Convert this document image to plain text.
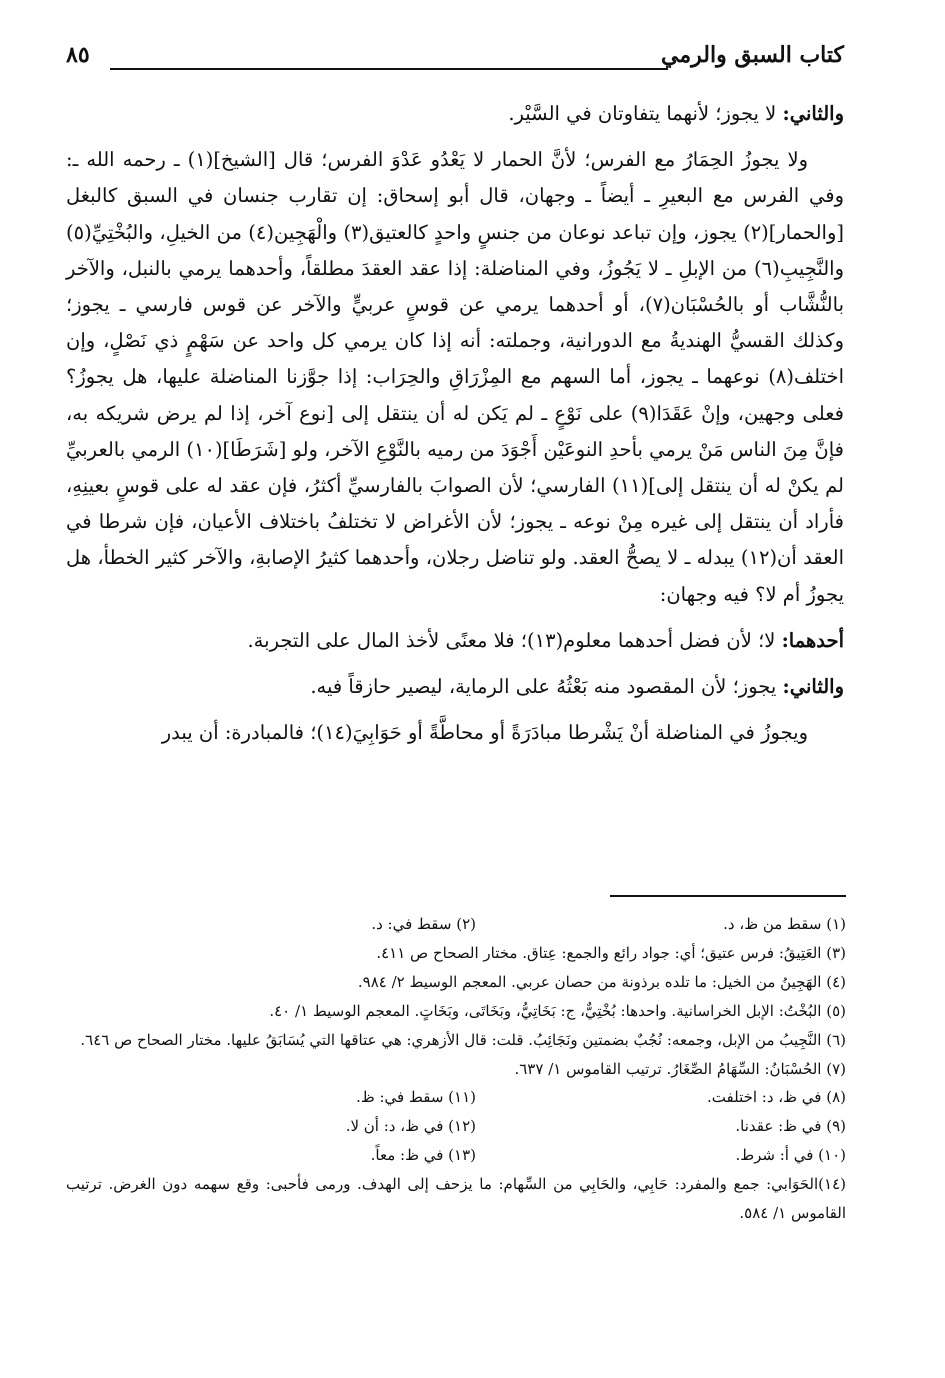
كتاب السبق والرمي
٨٥

والثاني: لا يجوز؛ لأنهما يتفاوتان في السَّيْر.

ولا يجوزُ الحِمَارُ مع الفرس؛ لأنَّ الحمار لا يَعْدُو عَدْوَ الفرس؛ قال [الشيخ](١) ـ رحمه الله ـ: وفي الفرس مع البعيرِ ـ أيضاً ـ وجهان، قال أبو إسحاق: إن تقارب جنسان في السبق كالبغل [والحمار](٢) يجوز، وإن تباعد نوعان من جنسٍ واحدٍ كالعتيق(٣) والْهَجِين(٤) من الخيلِ، والبُخْتِيِّ(٥) والنَّجِيبِ(٦) من الإبلِ ـ لا يَجُوزُ، وفي المناضلة: إذا عقد العقدَ مطلقاً، وأحدهما يرمي بالنبل، والآخر بالنُّشَّاب أو بالحُسْبَان(٧)، أو أحدهما يرمي عن قوسٍ عربيٍّ والآخر عن قوس فارسي ـ يجوز؛ وكذلك القسيُّ الهنديةُ مع الدورانية، وجملته: أنه إذا كان يرمي كل واحد عن سَهْمٍ ذي نَصْلٍ، وإن اختلف(٨) نوعهما ـ يجوز، أما السهم مع المِزْرَاقِ والحِرَاب: إذا جوَّزنا المناضلة عليها، هل يجوزُ؟ فعلى وجهين، وإنْ عَقَدَا(٩) على نَوْعٍ ـ لم يَكن له أن ينتقل إلى [نوع آخر، إذا لم يرض شريكه به، فإنَّ مِنَ الناس مَنْ يرمي بأحدِ النوعَيْن أَجْوَدَ من رميه بالنَّوْعِ الآخر، ولو [شَرَطَا](١٠) الرمي بالعربيِّ لم يكنْ له أن ينتقل إلى](١١) الفارسي؛ لأن الصوابَ بالفارسيِّ أكثرُ، فإن عقد له على قوسٍ بعينِهِ، فأراد أن ينتقل إلى غيره مِنْ نوعه ـ يجوز؛ لأن الأغراض لا تختلفُ باختلاف الأعيان، فإن شرطا في العقد أن(١٢) يبدله ـ لا يصحُّ العقد. ولو تناضل رجلان، وأحدهما كثيرُ الإصابةِ، والآخر كثير الخطأ، هل يجوزُ أم لا؟ فيه وجهان:

أحدهما: لا؛ لأن فضل أحدهما معلوم(١٣)؛ فلا معنًى لأخذ المال على التجربة.

والثاني: يجوز؛ لأن المقصود منه بَعْثُهُ على الرماية، ليصير حازقاً فيه.

ويجوزُ في المناضلة أنْ يَشْرطا مبادَرَةً أو محاطَّةً أو حَوَابِيَ(١٤)؛ فالمبادرة: أن يبدر

(١) سقط من ظ، د.
(٢) سقط في: د.
(٣) العَتِيقُ: فرس عتيق؛ أي: جواد رائع والجمع: عِتاق. مختار الصحاح ص ٤١١.
(٤) الهَجِينُ من الخيل: ما تلده برذونة من حصان عربي. المعجم الوسيط ٢/ ٩٨٤.
(٥) البُخْتُ: الإبل الخراسانية. واحدها: بُخْتِيٌّ، ج: بَخَاتِيُّ، وبَخَاتَى، وبَخَاتٍ. المعجم الوسيط ١/ ٤٠.
(٦) النَّجِيبُ من الإبل، وجمعه: نُجُبٌ بضمتين ونَجَائِبُ. قلت: قال الأزهري: هي عتاقها التي يُسَابَقُ عليها. مختار الصحاح ص ٦٤٦.
(٧) الحُسْبَانُ: السِّهَامُ الصِّغَارُ. ترتيب القاموس ١/ ٦٣٧.
(٨) في ظ، د: اختلفت.
(١١) سقط في: ظ.
(٩) في ظ: عقدنا.
(١٢) في ظ، د: أن لا.
(١٠) في أ: شرط.
(١٣) في ظ: معاً.
(١٤)الحَوَابي: جمع والمفرد: حَابِي، والحَابِي من السِّهام: ما يزحف إلى الهدف. ورمى فأحبى: وقع سهمه دون الغرض. ترتيب القاموس ١/ ٥٨٤.
